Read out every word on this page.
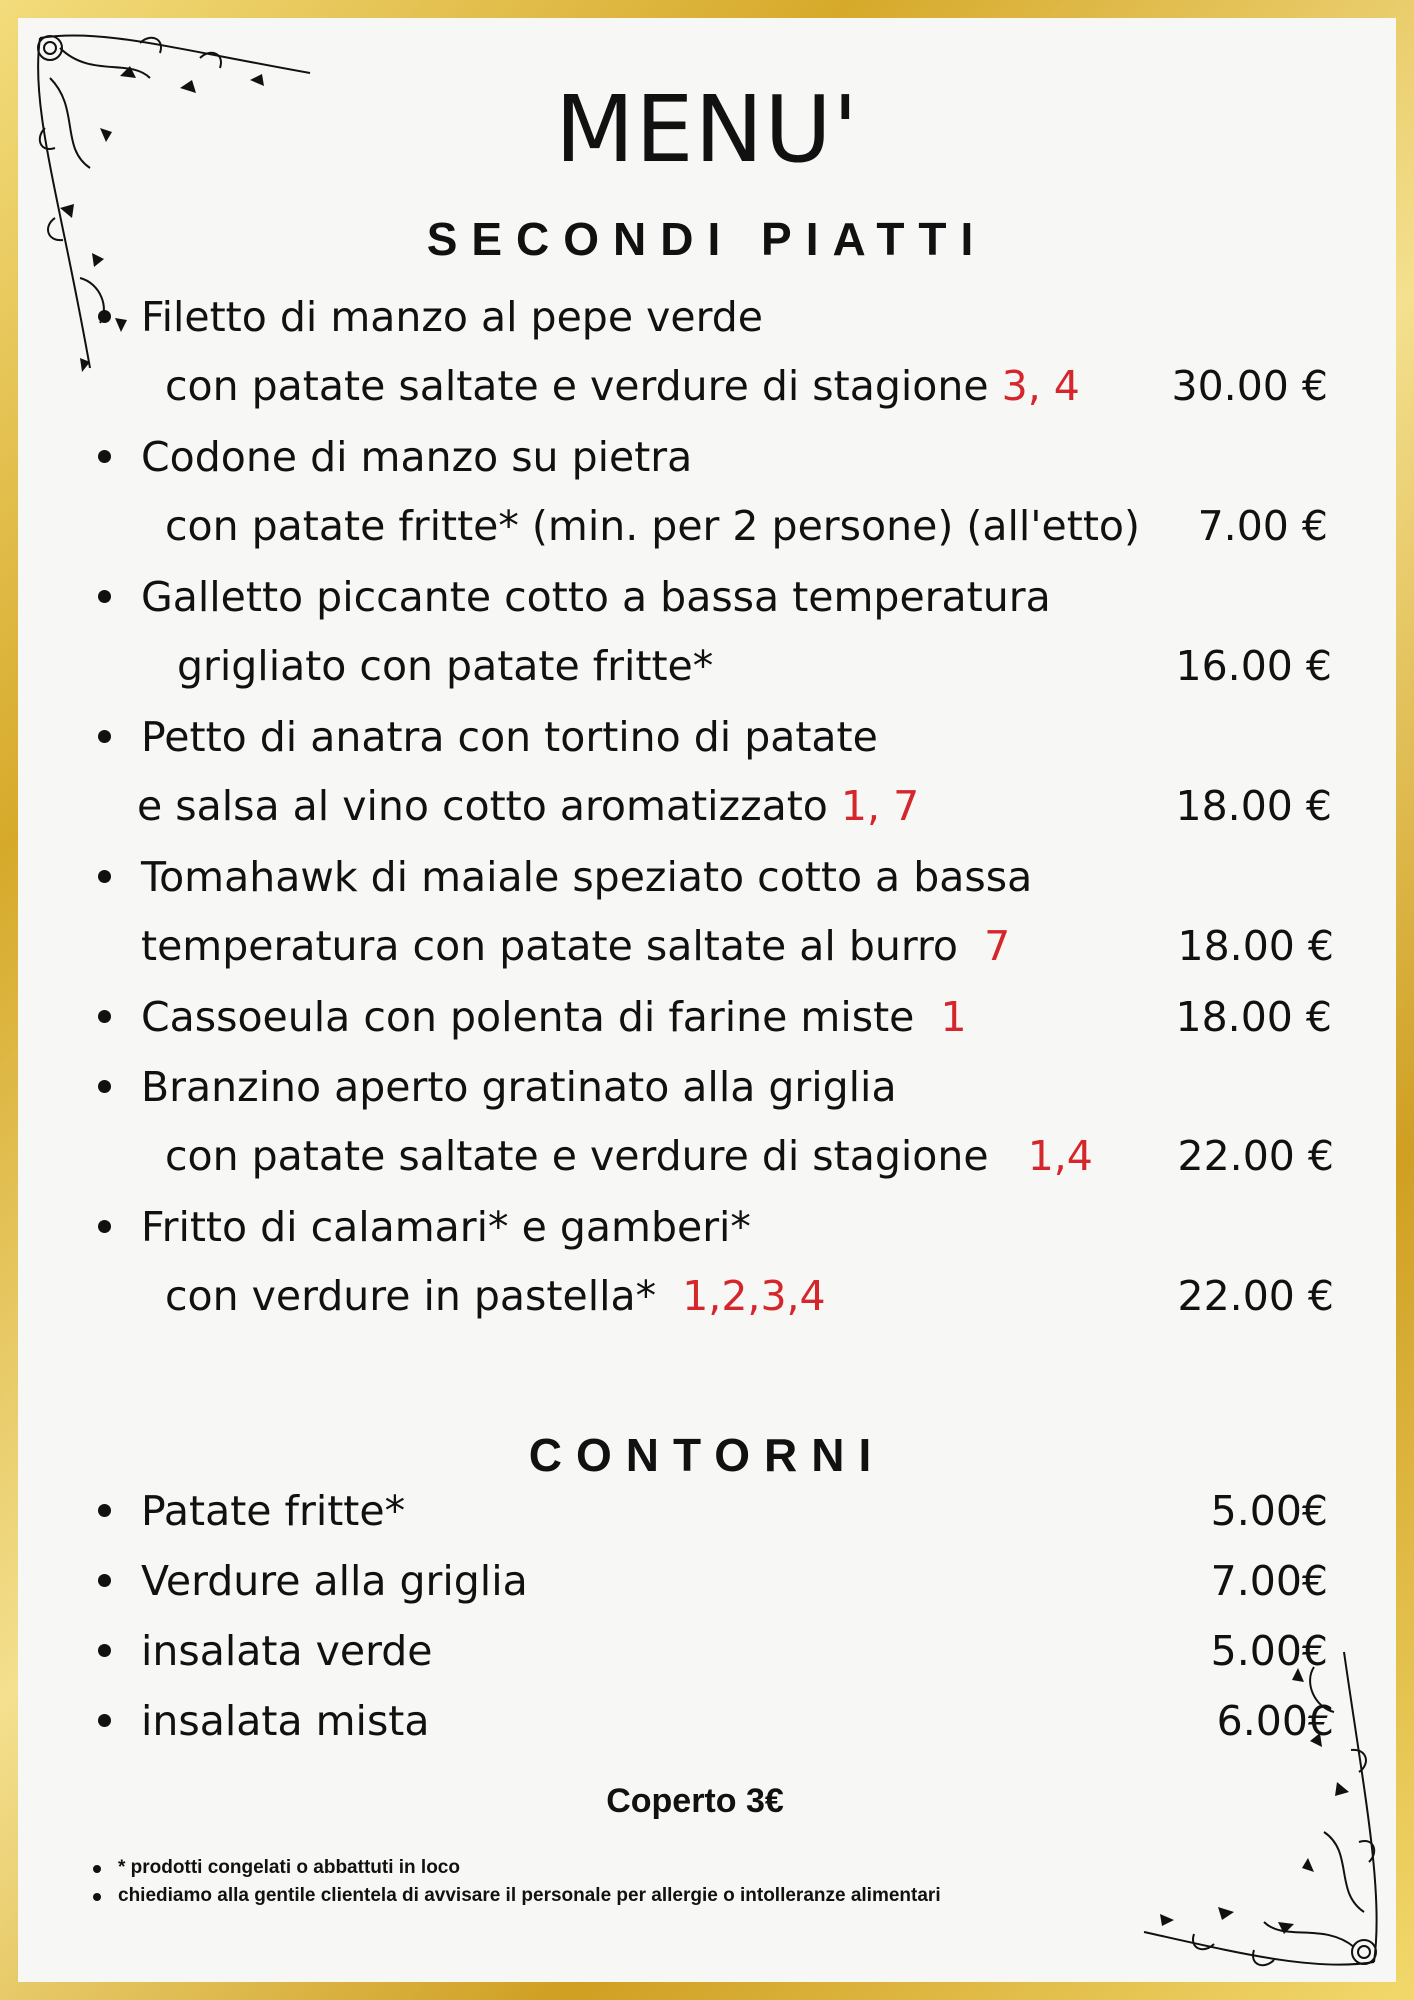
MENU'
SECONDI PIATTI
Filetto di manzo al pepe verde
con patate saltate e verdure di stagione 3, 4 30.00 €
Codone di manzo su pietra
con patate fritte* (min. per 2 persone) (all'etto) 7.00 €
Galletto piccante cotto a bassa temperatura
grigliato con patate fritte*	16.00 €
Petto di anatra con tortino di patate
e salsa al vino cotto aromatizzato 1, 7	18.00 €
Tomahawk di maiale speziato cotto a bassa
temperatura con patate saltate al burro 7	18.00 €
Cassoeula con polenta di farine miste 1	18.00 €
Branzino aperto gratinato alla griglia
con patate saltate e verdure di stagione 1,4 22.00 €
Fritto di calamari* e gamberi*
con verdure in pastella* 1,2,3,4	22.00 €
CONTORNI
Patate fritte*	5.00€
Verdure alla griglia	7.00€
insalata verde	5.00€
insalata mista	6.00€
Coperto 3€
* prodotti congelati o abbattuti in loco
chiediamo alla gentile clientela di avvisare il personale per allergie o intolleranze alimentari
